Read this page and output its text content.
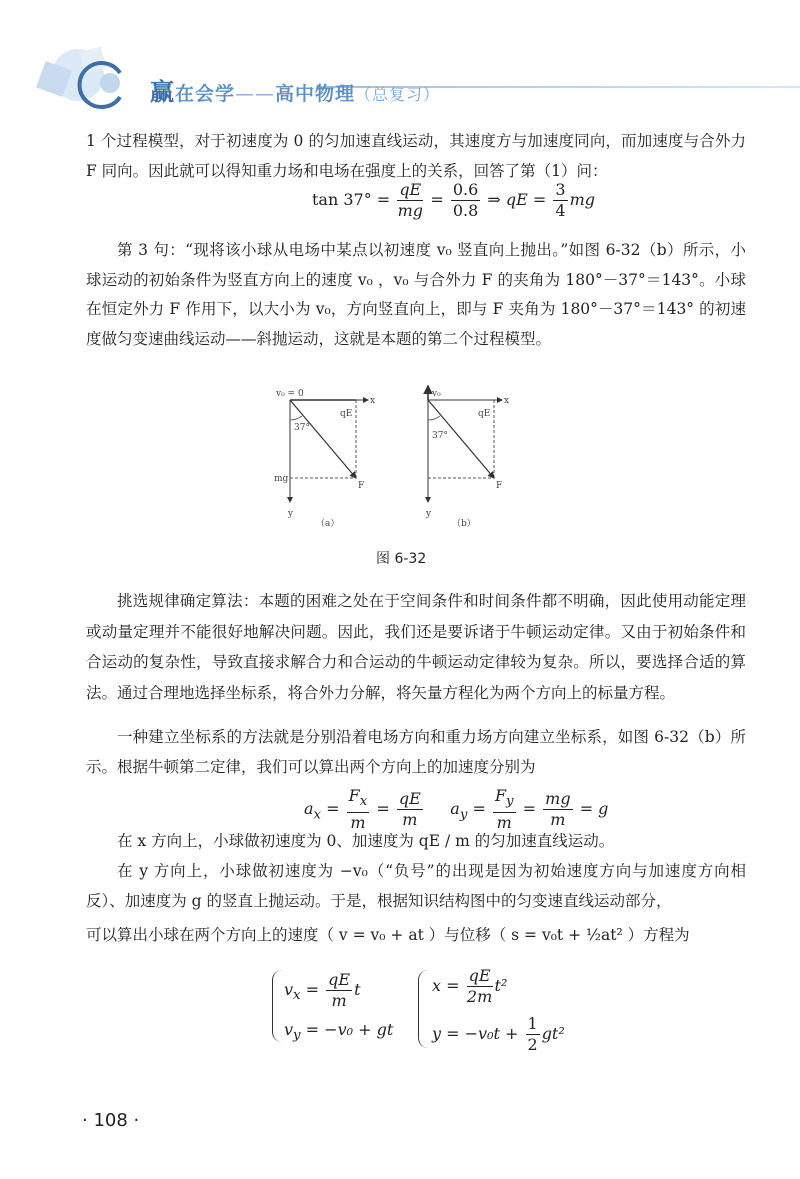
赢在会学——高中物理（总复习）
1 个过程模型，对于初速度为 0 的匀加速直线运动，其速度方与加速度同向，而加速度与合外力 F 同向。因此就可以得知重力场和电场在强度上的关系，回答了第（1）问：
$\tan 37^\circ = \frac{qE}{mg} = \frac{0.6}{0.8}$ ⇒ qE = $\frac{3}{4}$ mg
第 3 句：“现将该小球从电场中某点以初速度 v₀ 竖直向上抛出。”如图 6-32（b）所示，小球运动的初始条件为竖直方向上的速度 v₀ ，v₀ 与合外力 F 的夹角为 180°－37°＝143°。小球在恒定外力 F 作用下，以大小为 v₀，方向竖直向上，即与 F 夹角为 180°－37°＝143° 的初速度做匀变速曲线运动——斜抛运动，这就是本题的第二个过程模型。
v₀ = 0
x
qE
37°
mg
F
y
（a）
v₀
x
qE
37°
F
y
（b）
图 6-32
挑选规律确定算法：本题的困难之处在于空间条件和时间条件都不明确，因此使用动能定理或动量定理并不能很好地解决问题。因此，我们还是要诉诸于牛顿运动定律。又由于初始条件和合运动的复杂性，导致直接求解合力和合运动的牛顿运动定律较为复杂。所以，要选择合适的算法。通过合理地选择坐标系，将合外力分解，将矢量方程化为两个方向上的标量方程。
一种建立坐标系的方法就是分别沿着电场方向和重力场方向建立坐标系，如图 6-32（b）所示。根据牛顿第二定律，我们可以算出两个方向上的加速度分别为
$a_x = \frac{F_x}{m} = \frac{qE}{m} a_y = \frac{F_y}{m} = \frac{mg}{m} = g$
在 x 方向上，小球做初速度为 0、加速度为 qE / m 的匀加速直线运动。
在 y 方向上，小球做初速度为 −v₀（“负号”的出现是因为初始速度方向与加速度方向相反）、加速度为 g 的竖直上抛运动。于是，根据知识结构图中的匀变速直线运动部分，
可以算出小球在两个方向上的速度（ v = v₀ + at ）与位移（ s = v₀t + ½at² ）方程为
$v_x = \frac{qE}{m}$ t
$v_y = -v_0$ + gt
$x = \frac{qE}{2m} t^2$
$y = -v_0t + \frac{1}{2} gt^2$
· 108 ·
